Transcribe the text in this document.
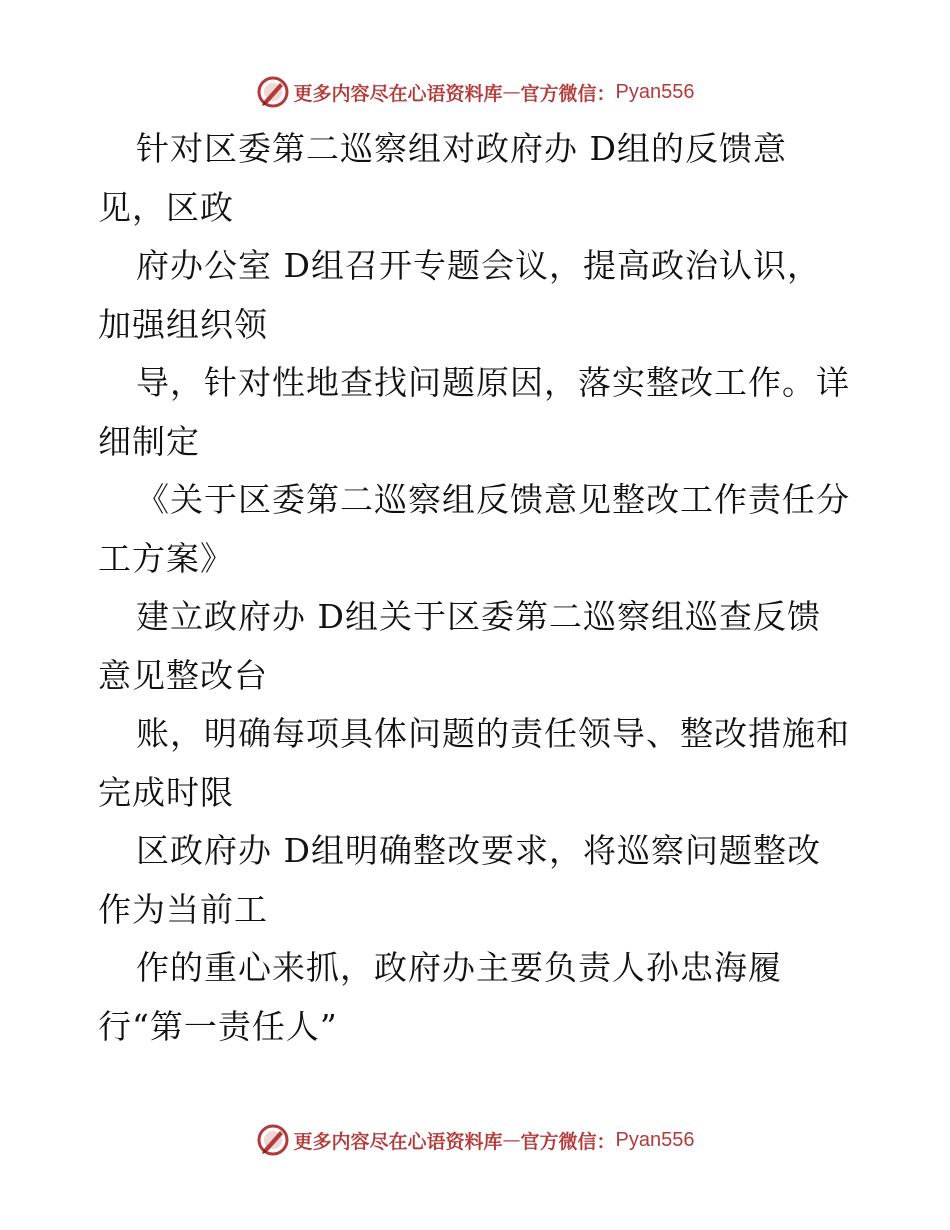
更多内容尽在心语资料库 — 官方微信： Pyan556
针对区委第二巡察组对政府办 D组的反馈意
见，区政
府办公室 D组召开专题会议，提高政治认识，
加强组织领
导，针对性地查找问题原因，落实整改工作。详
细制定
《关于区委第二巡察组反馈意见整改工作责任分
工方案》
建立政府办 D组关于区委第二巡察组巡查反馈
意见整改台
账，明确每项具体问题的责任领导、整改措施和
完成时限
区政府办 D组明确整改要求，将巡察问题整改
作为当前工
作的重心来抓，政府办主要负责人孙忠海履
行“第一责任人”
更多内容尽在心语资料库 — 官方微信： Pyan556
